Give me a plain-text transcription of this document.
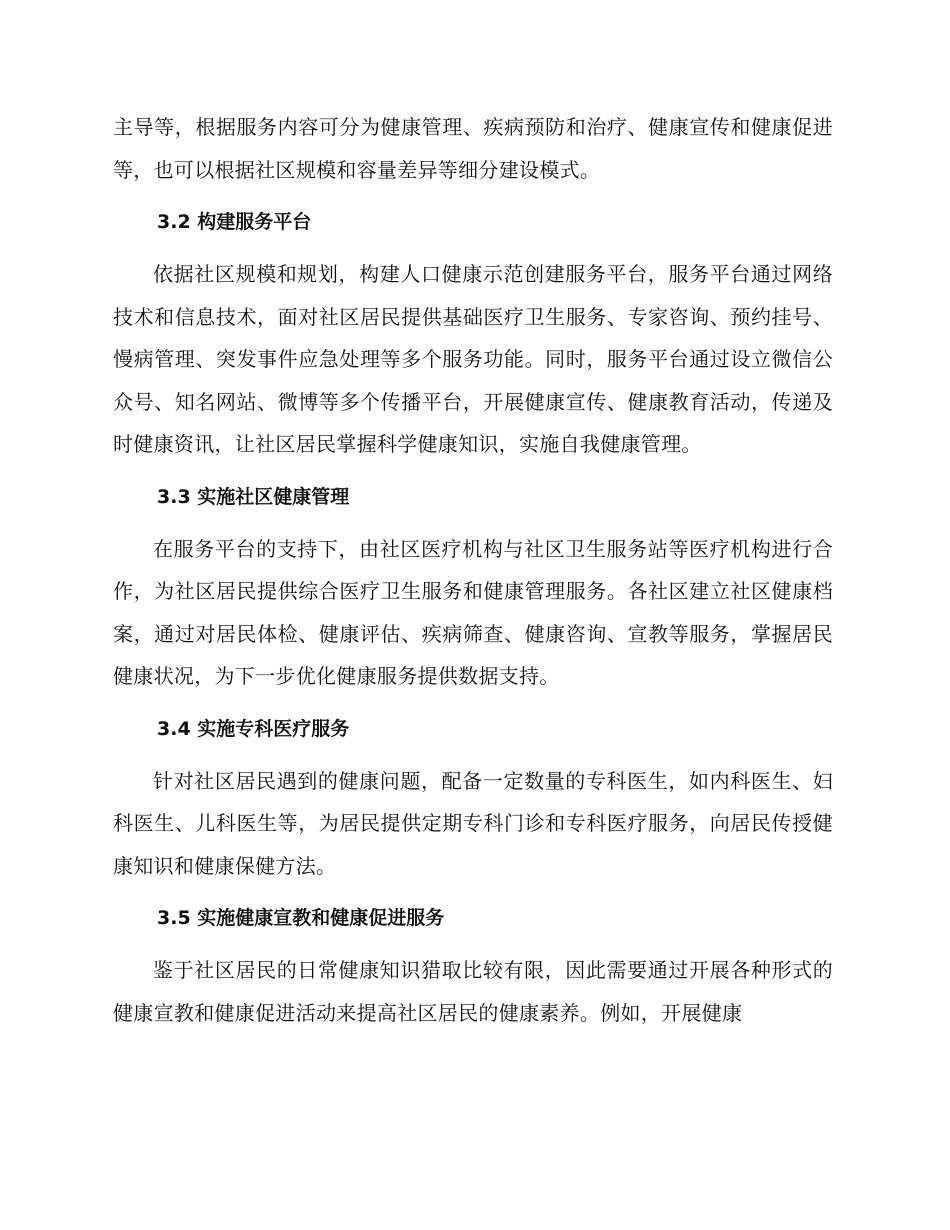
主导等，根据服务内容可分为健康管理、疾病预防和治疗、健康宣传和健康促进等，也可以根据社区规模和容量差异等细分建设模式。

3.2 构建服务平台

依据社区规模和规划，构建人口健康示范创建服务平台，服务平台通过网络技术和信息技术，面对社区居民提供基础医疗卫生服务、专家咨询、预约挂号、慢病管理、突发事件应急处理等多个服务功能。同时，服务平台通过设立微信公众号、知名网站、微博等多个传播平台，开展健康宣传、健康教育活动，传递及时健康资讯，让社区居民掌握科学健康知识，实施自我健康管理。

3.3 实施社区健康管理

在服务平台的支持下，由社区医疗机构与社区卫生服务站等医疗机构进行合作，为社区居民提供综合医疗卫生服务和健康管理服务。各社区建立社区健康档案，通过对居民体检、健康评估、疾病筛查、健康咨询、宣教等服务，掌握居民健康状况，为下一步优化健康服务提供数据支持。

3.4 实施专科医疗服务

针对社区居民遇到的健康问题，配备一定数量的专科医生，如内科医生、妇科医生、儿科医生等，为居民提供定期专科门诊和专科医疗服务，向居民传授健康知识和健康保健方法。

3.5 实施健康宣教和健康促进服务

鉴于社区居民的日常健康知识猎取比较有限，因此需要通过开展各种形式的健康宣教和健康促进活动来提高社区居民的健康素养。例如，开展健康
